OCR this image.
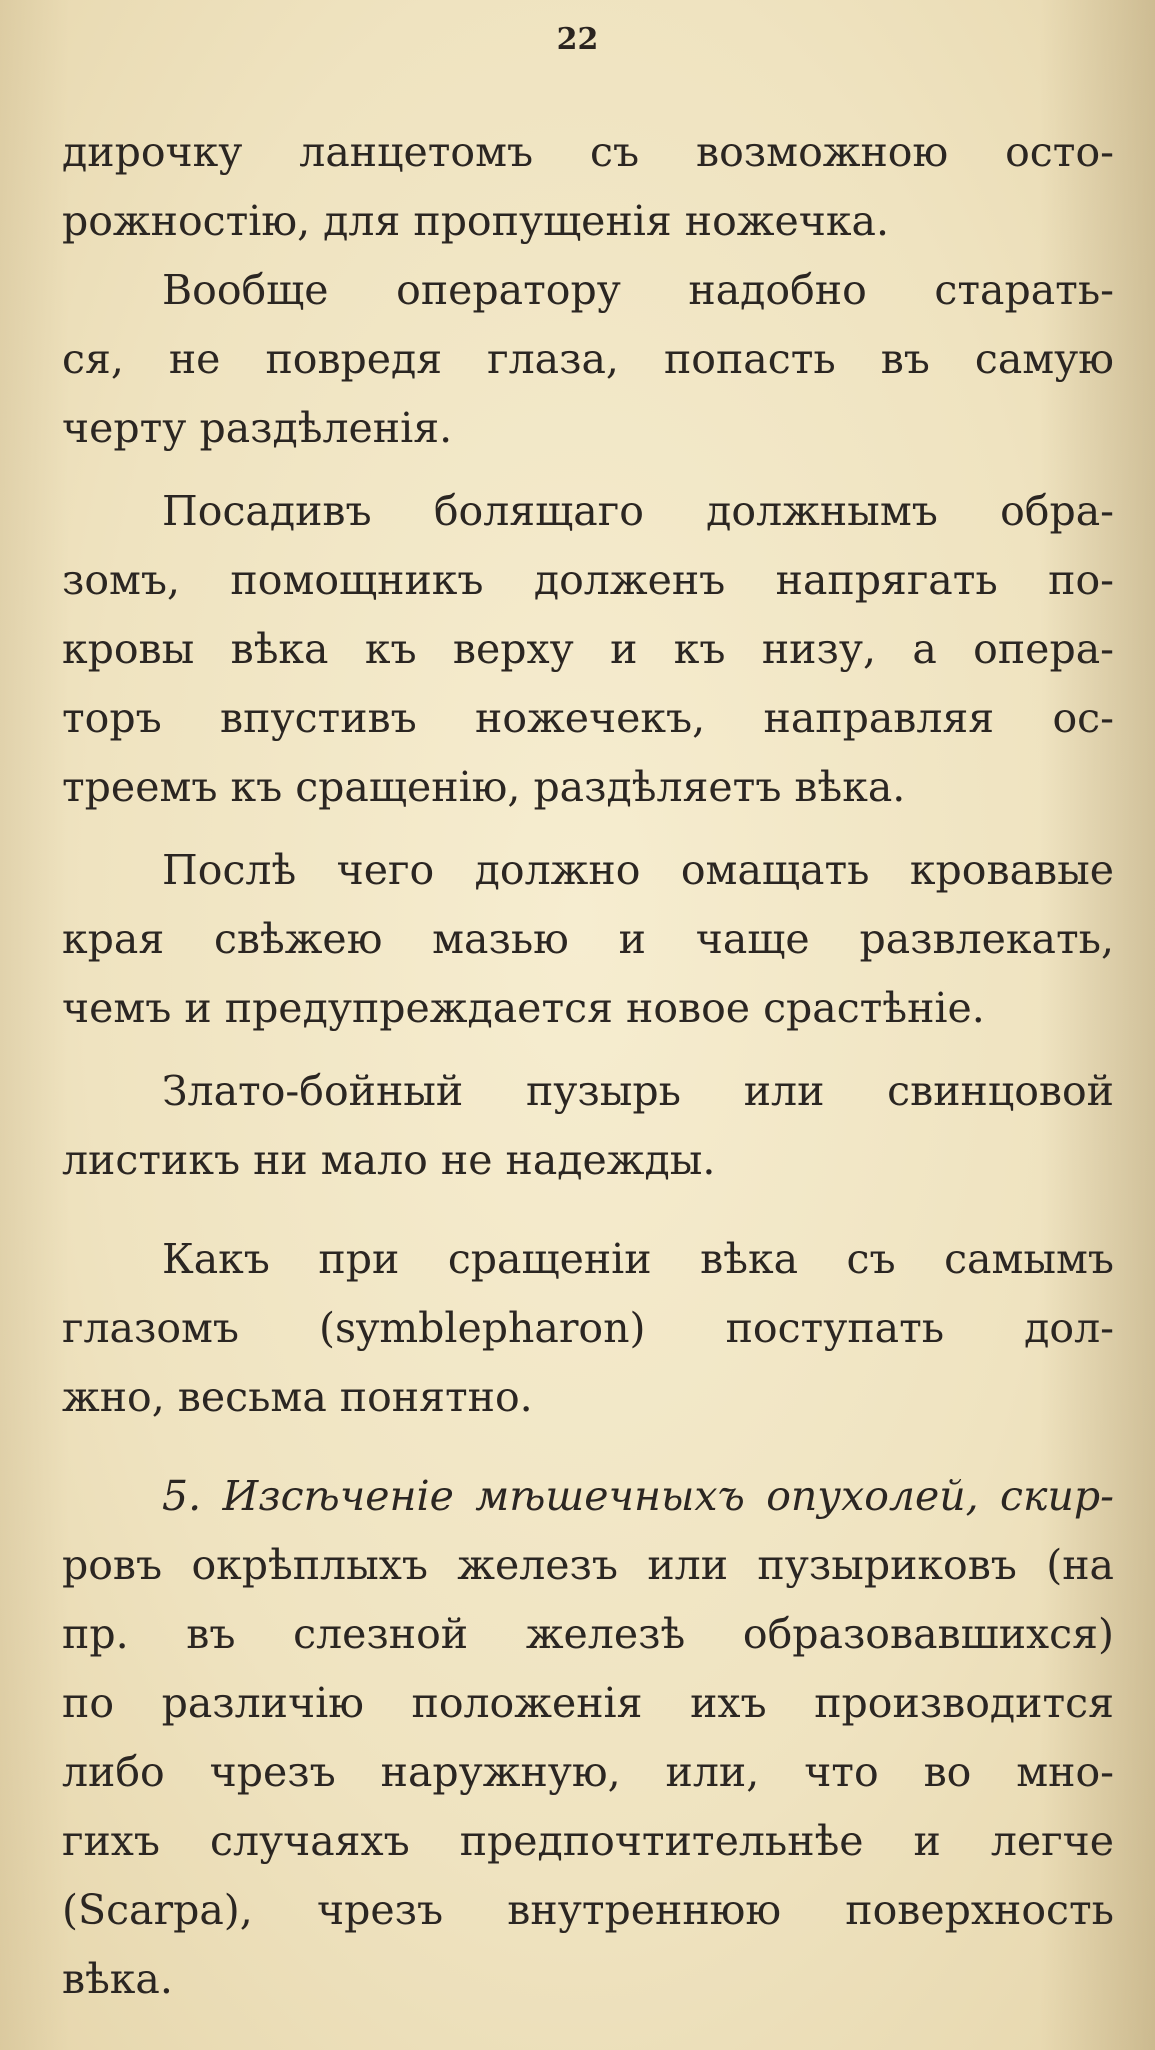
22
дирочку ланцетомъ съ возможною осто-
рожностію, для пропущенія ножечка.
Вообще оператору надобно старать-
ся, не повредя глаза, попасть въ самую
черту раздѣленія.
Посадивъ болящаго должнымъ обра-
зомъ, помощникъ долженъ напрягать по-
кровы вѣка къ верху и къ низу, а опера-
торъ впустивъ ножечекъ, направляя ос-
треемъ къ сращенію, раздѣляетъ вѣка.
Послѣ чего должно омащать кровавые
края свѣжею мазью и чаще развлекать,
чемъ и предупреждается новое срастѣніе.
Злато-бойный пузырь или свинцовой
листикъ ни мало не надежды.
Какъ при сращеніи вѣка съ самымъ
глазомъ (symblepharon) поступать дол-
жно, весьма понятно.
5. Изсѣченіе мѣшечныхъ опухолей, скир-
ровъ окрѣплыхъ железъ или пузыриковъ (на
пр. въ слезной железѣ образовавшихся)
по различію положенія ихъ производится
либо чрезъ наружную, или, что во мно-
гихъ случаяхъ предпочтительнѣе и легче
(Scarpa), чрезъ внутреннюю поверхность
вѣка.
